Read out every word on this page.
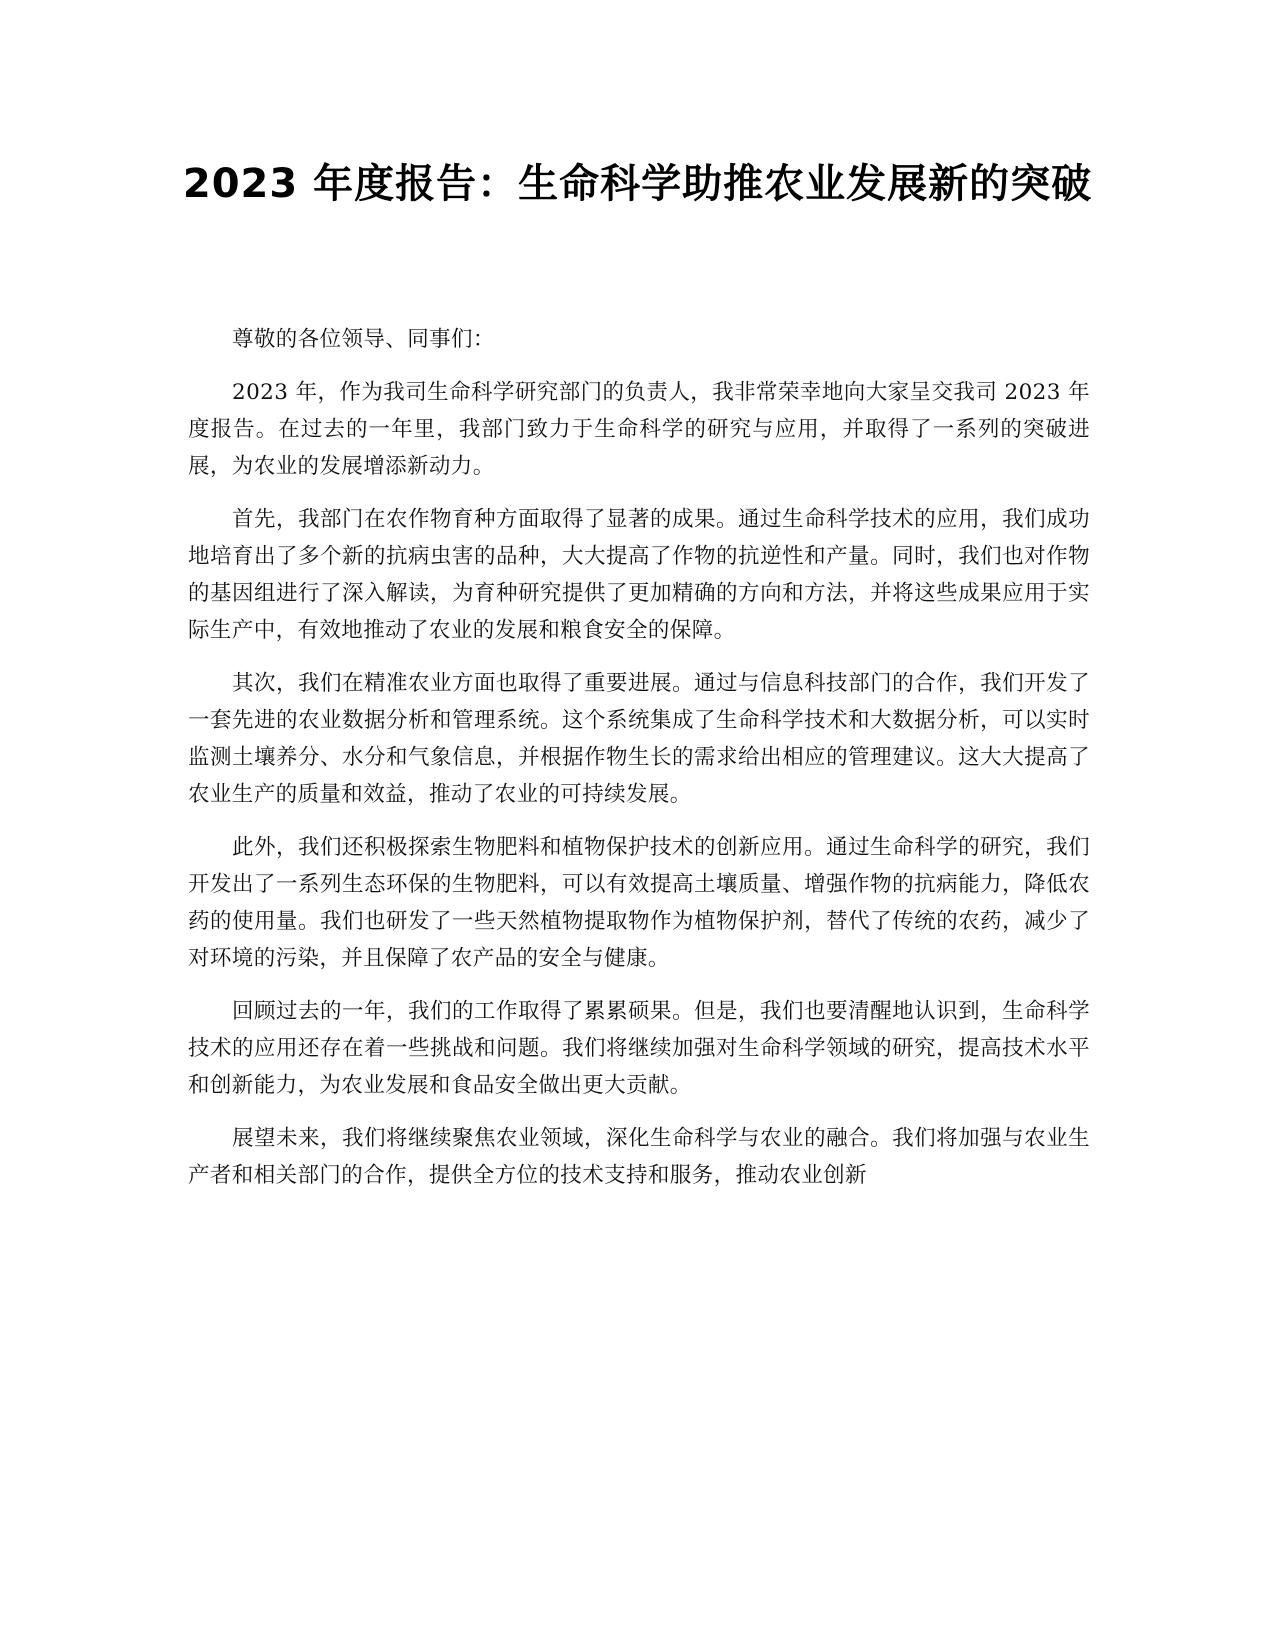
2023 年度报告：生命科学助推农业发展新的突破

尊敬的各位领导、同事们：

2023 年，作为我司生命科学研究部门的负责人，我非常荣幸地向大家呈交我司 2023 年度报告。在过去的一年里，我部门致力于生命科学的研究与应用，并取得了一系列的突破进展，为农业的发展增添新动力。

首先，我部门在农作物育种方面取得了显著的成果。通过生命科学技术的应用，我们成功地培育出了多个新的抗病虫害的品种，大大提高了作物的抗逆性和产量。同时，我们也对作物的基因组进行了深入解读，为育种研究提供了更加精确的方向和方法，并将这些成果应用于实际生产中，有效地推动了农业的发展和粮食安全的保障。

其次，我们在精准农业方面也取得了重要进展。通过与信息科技部门的合作，我们开发了一套先进的农业数据分析和管理系统。这个系统集成了生命科学技术和大数据分析，可以实时监测土壤养分、水分和气象信息，并根据作物生长的需求给出相应的管理建议。这大大提高了农业生产的质量和效益，推动了农业的可持续发展。

此外，我们还积极探索生物肥料和植物保护技术的创新应用。通过生命科学的研究，我们开发出了一系列生态环保的生物肥料，可以有效提高土壤质量、增强作物的抗病能力，降低农药的使用量。我们也研发了一些天然植物提取物作为植物保护剂，替代了传统的农药，减少了对环境的污染，并且保障了农产品的安全与健康。

回顾过去的一年，我们的工作取得了累累硕果。但是，我们也要清醒地认识到，生命科学技术的应用还存在着一些挑战和问题。我们将继续加强对生命科学领域的研究，提高技术水平和创新能力，为农业发展和食品安全做出更大贡献。

展望未来，我们将继续聚焦农业领域，深化生命科学与农业的融合。我们将加强与农业生产者和相关部门的合作，提供全方位的技术支持和服务，推动农业创新
